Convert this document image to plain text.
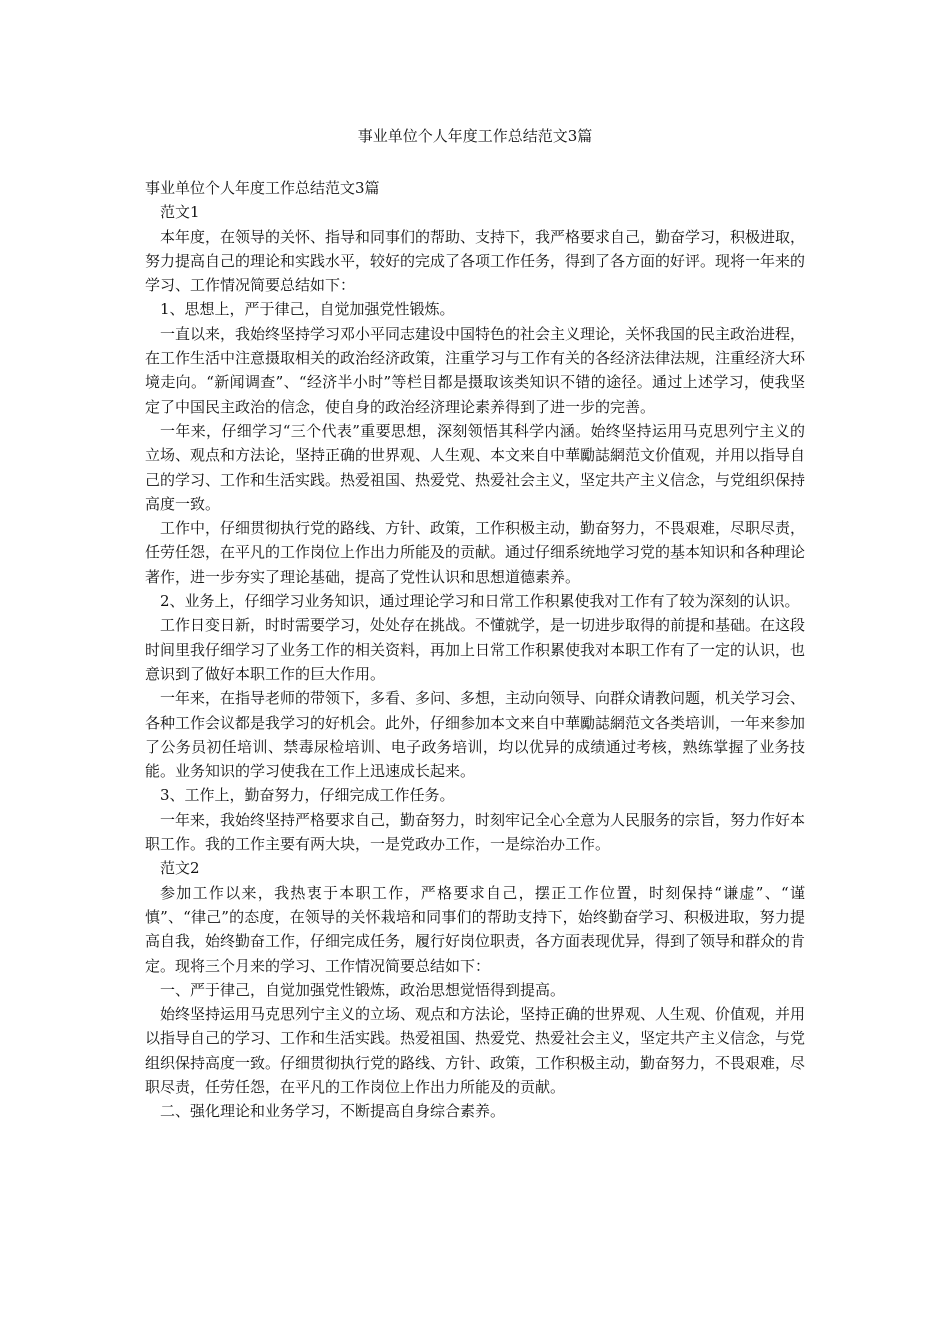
事业单位个人年度工作总结范文3篇

事业单位个人年度工作总结范文3篇

范文1

本年度，在领导的关怀、指导和同事们的帮助、支持下，我严格要求自己，勤奋学习，积极进取，努力提高自己的理论和实践水平，较好的完成了各项工作任务，得到了各方面的好评。现将一年来的学习、工作情况简要总结如下：

1、思想上，严于律己，自觉加强党性锻炼。

一直以来，我始终坚持学习邓小平同志建设中国特色的社会主义理论，关怀我国的民主政治进程，在工作生活中注意摄取相关的政治经济政策，注重学习与工作有关的各经济法律法规，注重经济大环境走向。“新闻调查”、“经济半小时”等栏目都是摄取该类知识不错的途径。通过上述学习，使我坚定了中国民主政治的信念，使自身的政治经济理论素养得到了进一步的完善。

一年来，仔细学习“三个代表”重要思想，深刻领悟其科学内涵。始终坚持运用马克思列宁主义的立场、观点和方法论，坚持正确的世界观、人生观、本文来自中華勵誌網范文价值观，并用以指导自己的学习、工作和生活实践。热爱祖国、热爱党、热爱社会主义，坚定共产主义信念，与党组织保持高度一致。

工作中，仔细贯彻执行党的路线、方针、政策，工作积极主动，勤奋努力，不畏艰难，尽职尽责，任劳任怨，在平凡的工作岗位上作出力所能及的贡献。通过仔细系统地学习党的基本知识和各种理论著作，进一步夯实了理论基础，提高了党性认识和思想道德素养。

2、业务上，仔细学习业务知识，通过理论学习和日常工作积累使我对工作有了较为深刻的认识。

工作日变日新，时时需要学习，处处存在挑战。不懂就学，是一切进步取得的前提和基础。在这段时间里我仔细学习了业务工作的相关资料，再加上日常工作积累使我对本职工作有了一定的认识，也意识到了做好本职工作的巨大作用。

一年来，在指导老师的带领下，多看、多问、多想，主动向领导、向群众请教问题，机关学习会、各种工作会议都是我学习的好机会。此外，仔细参加本文来自中華勵誌網范文各类培训，一年来参加了公务员初任培训、禁毒尿检培训、电子政务培训，均以优异的成绩通过考核，熟练掌握了业务技能。业务知识的学习使我在工作上迅速成长起来。

3、工作上，勤奋努力，仔细完成工作任务。

一年来，我始终坚持严格要求自己，勤奋努力，时刻牢记全心全意为人民服务的宗旨，努力作好本职工作。我的工作主要有两大块，一是党政办工作，一是综治办工作。

范文2

参加工作以来，我热衷于本职工作，严格要求自己，摆正工作位置，时刻保持“谦虚”、“谨慎”、“律己”的态度，在领导的关怀栽培和同事们的帮助支持下，始终勤奋学习、积极进取，努力提高自我，始终勤奋工作，仔细完成任务，履行好岗位职责，各方面表现优异，得到了领导和群众的肯定。现将三个月来的学习、工作情况简要总结如下：

一、严于律己，自觉加强党性锻炼，政治思想觉悟得到提高。

始终坚持运用马克思列宁主义的立场、观点和方法论，坚持正确的世界观、人生观、价值观，并用以指导自己的学习、工作和生活实践。热爱祖国、热爱党、热爱社会主义，坚定共产主义信念，与党组织保持高度一致。仔细贯彻执行党的路线、方针、政策，工作积极主动，勤奋努力，不畏艰难，尽职尽责，任劳任怨，在平凡的工作岗位上作出力所能及的贡献。

二、强化理论和业务学习，不断提高自身综合素养。
